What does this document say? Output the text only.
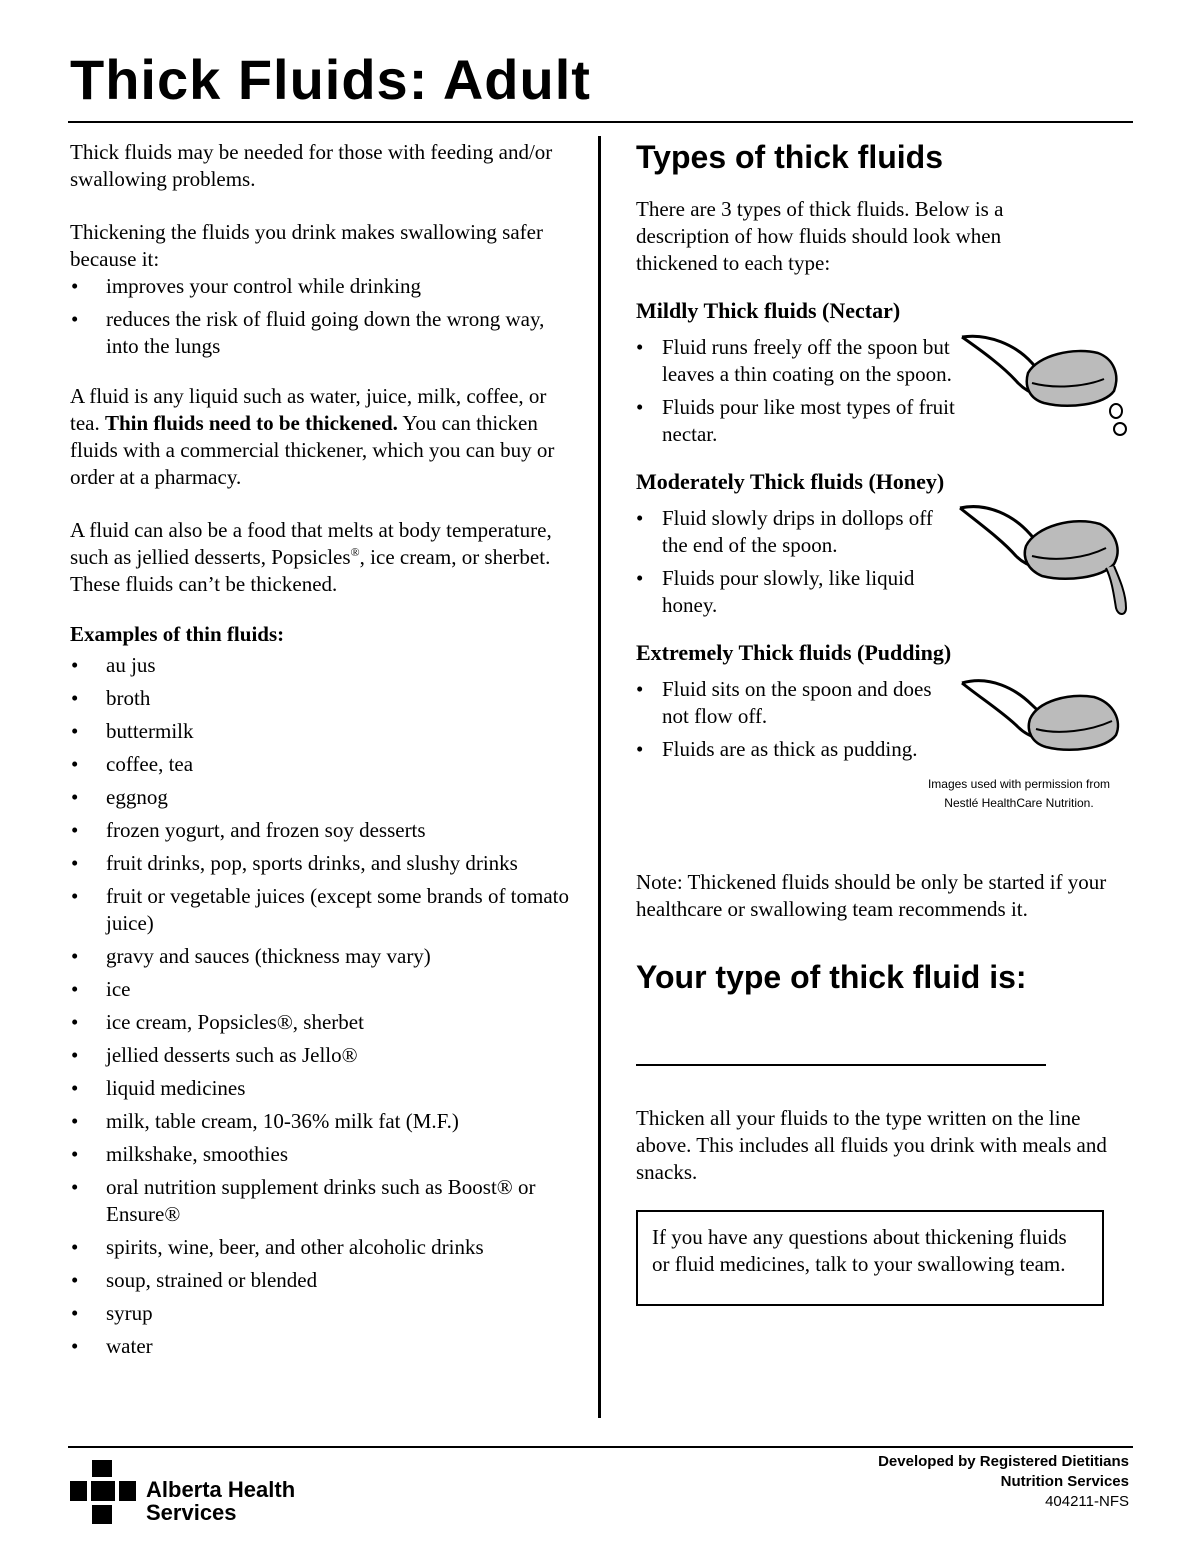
Thick Fluids: Adult

Thick fluids may be needed for those with feeding and/or swallowing problems.

Thickening the fluids you drink makes swallowing safer because it:

• improves your control while drinking
• reduces the risk of fluid going down the wrong way, into the lungs

A fluid is any liquid such as water, juice, milk, coffee, or tea. Thin fluids need to be thickened. You can thicken fluids with a commercial thickener, which you can buy or order at a pharmacy.

A fluid can also be a food that melts at body temperature, such as jellied desserts, Popsicles®, ice cream, or sherbet. These fluids can’t be thickened.

Examples of thin fluids:

• au jus
• broth
• buttermilk
• coffee, tea
• eggnog
• frozen yogurt, and frozen soy desserts
• fruit drinks, pop, sports drinks, and slushy drinks
• fruit or vegetable juices (except some brands of tomato juice)
• gravy and sauces (thickness may vary)
• ice
• ice cream, Popsicles®, sherbet
• jellied desserts such as Jello®
• liquid medicines
• milk, table cream, 10-36% milk fat (M.F.)
• milkshake, smoothies
• oral nutrition supplement drinks such as Boost® or Ensure®
• spirits, wine, beer, and other alcoholic drinks
• soup, strained or blended
• syrup
• water
Types of thick fluids

There are 3 types of thick fluids. Below is a description of how fluids should look when thickened to each type:

Mildly Thick fluids (Nectar)

• Fluid runs freely off the spoon but leaves a thin coating on the spoon.
• Fluids pour like most types of fruit nectar.

Moderately Thick fluids (Honey)

• Fluid slowly drips in dollops off the end of the spoon.
• Fluids pour slowly, like liquid honey.

Extremely Thick fluids (Pudding)

• Fluid sits on the spoon and does not flow off.
• Fluids are as thick as pudding.

Images used with permission from
Nestlé HealthCare Nutrition.

Note: Thickened fluids should be only be started if your healthcare or swallowing team recommends it.

Your type of thick fluid is:

Thicken all your fluids to the type written on the line above. This includes all fluids you drink with meals and snacks.

If you have any questions about thickening fluids or fluid medicines, talk to your swallowing team.

Alberta Health
Services
Developed by Registered Dietitians
Nutrition Services
404211-NFS
